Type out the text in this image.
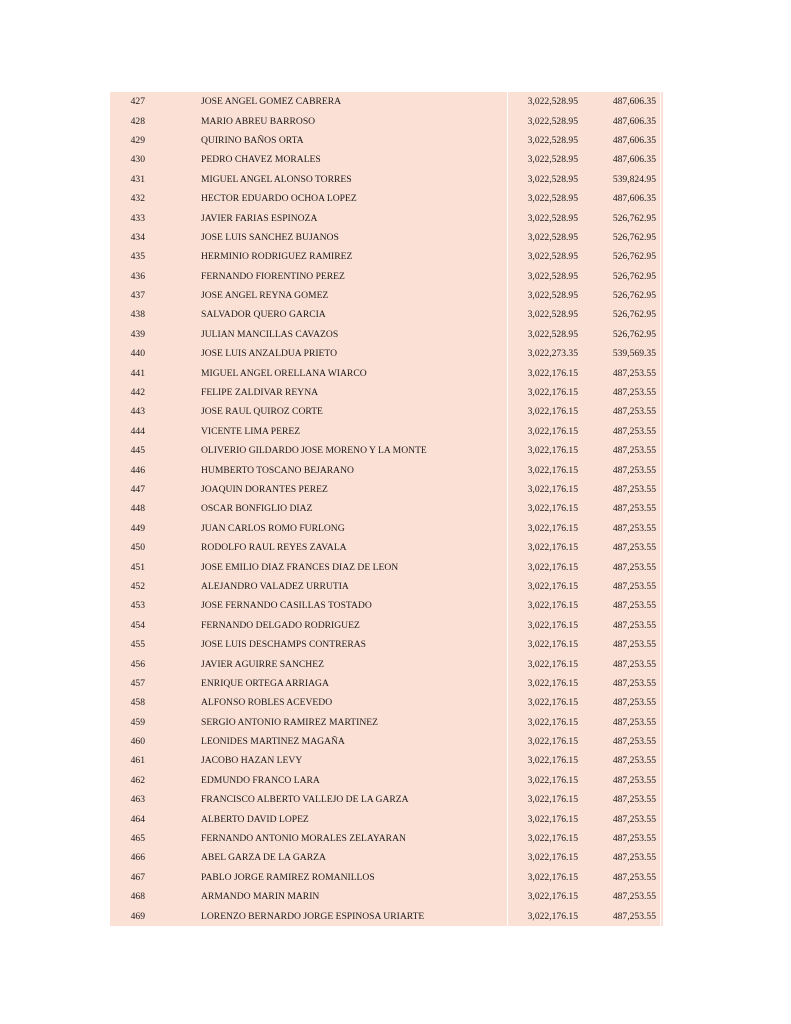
427	JOSE ANGEL GOMEZ CABRERA	3,022,528.95	487,606.35
428	MARIO ABREU BARROSO	3,022,528.95	487,606.35
429	QUIRINO BAÑOS ORTA	3,022,528.95	487,606.35
430	PEDRO CHAVEZ MORALES	3,022,528.95	487,606.35
431	MIGUEL ANGEL ALONSO TORRES	3,022,528.95	539,824.95
432	HECTOR EDUARDO OCHOA LOPEZ	3,022,528.95	487,606.35
433	JAVIER FARIAS ESPINOZA	3,022,528.95	526,762.95
434	JOSE LUIS SANCHEZ BUJANOS	3,022,528.95	526,762.95
435	HERMINIO RODRIGUEZ RAMIREZ	3,022,528.95	526,762.95
436	FERNANDO FIORENTINO PEREZ	3,022,528.95	526,762.95
437	JOSE ANGEL REYNA GOMEZ	3,022,528.95	526,762.95
438	SALVADOR QUERO GARCIA	3,022,528.95	526,762.95
439	JULIAN MANCILLAS CAVAZOS	3,022,528.95	526,762.95
440	JOSE LUIS ANZALDUA PRIETO	3,022,273.35	539,569.35
441	MIGUEL ANGEL ORELLANA WIARCO	3,022,176.15	487,253.55
442	FELIPE ZALDIVAR REYNA	3,022,176.15	487,253.55
443	JOSE RAUL QUIROZ CORTE	3,022,176.15	487,253.55
444	VICENTE LIMA PEREZ	3,022,176.15	487,253.55
445	OLIVERIO GILDARDO JOSE MORENO Y LA MONTE	3,022,176.15	487,253.55
446	HUMBERTO TOSCANO BEJARANO	3,022,176.15	487,253.55
447	JOAQUIN DORANTES PEREZ	3,022,176.15	487,253.55
448	OSCAR BONFIGLIO DIAZ	3,022,176.15	487,253.55
449	JUAN CARLOS ROMO FURLONG	3,022,176.15	487,253.55
450	RODOLFO RAUL REYES ZAVALA	3,022,176.15	487,253.55
451	JOSE EMILIO DIAZ FRANCES DIAZ DE LEON	3,022,176.15	487,253.55
452	ALEJANDRO VALADEZ URRUTIA	3,022,176.15	487,253.55
453	JOSE FERNANDO CASILLAS TOSTADO	3,022,176.15	487,253.55
454	FERNANDO DELGADO RODRIGUEZ	3,022,176.15	487,253.55
455	JOSE LUIS DESCHAMPS CONTRERAS	3,022,176.15	487,253.55
456	JAVIER AGUIRRE SANCHEZ	3,022,176.15	487,253.55
457	ENRIQUE ORTEGA ARRIAGA	3,022,176.15	487,253.55
458	ALFONSO ROBLES ACEVEDO	3,022,176.15	487,253.55
459	SERGIO ANTONIO RAMIREZ MARTINEZ	3,022,176.15	487,253.55
460	LEONIDES MARTINEZ MAGAÑA	3,022,176.15	487,253.55
461	JACOBO HAZAN LEVY	3,022,176.15	487,253.55
462	EDMUNDO FRANCO LARA	3,022,176.15	487,253.55
463	FRANCISCO ALBERTO VALLEJO DE LA GARZA	3,022,176.15	487,253.55
464	ALBERTO DAVID LOPEZ	3,022,176.15	487,253.55
465	FERNANDO ANTONIO MORALES ZELAYARAN	3,022,176.15	487,253.55
466	ABEL GARZA DE LA GARZA	3,022,176.15	487,253.55
467	PABLO JORGE RAMIREZ ROMANILLOS	3,022,176.15	487,253.55
468	ARMANDO MARIN MARIN	3,022,176.15	487,253.55
469	LORENZO BERNARDO JORGE ESPINOSA URIARTE	3,022,176.15	487,253.55
